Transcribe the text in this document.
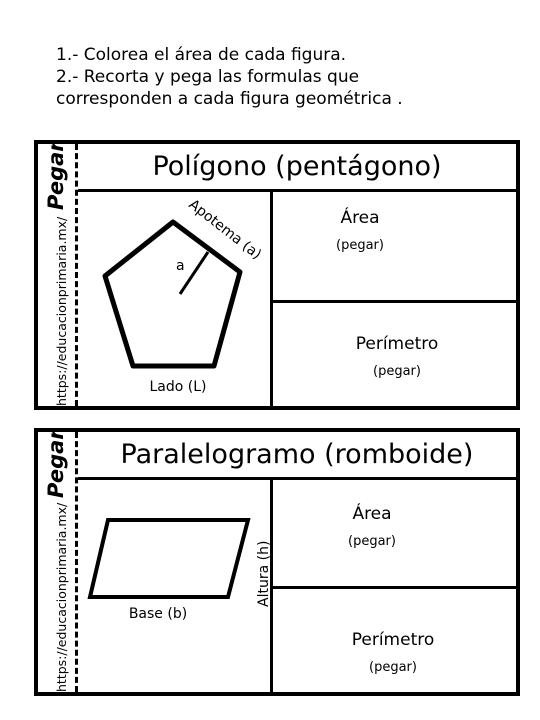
1.- Colorea el área de cada figura.
2.- Recorta y pega las formulas que
corresponden a cada figura geométrica .
Pegar
https://educacionprimaria.mx/
Polígono (pentágono)
a
Apotema (a)
Lado (L)
Área
(pegar)
Perímetro
(pegar)
Pegar
https://educacionprimaria.mx/
Paralelogramo (romboide)
Base (b)
Altura (h)
Área
(pegar)
Perímetro
(pegar)
